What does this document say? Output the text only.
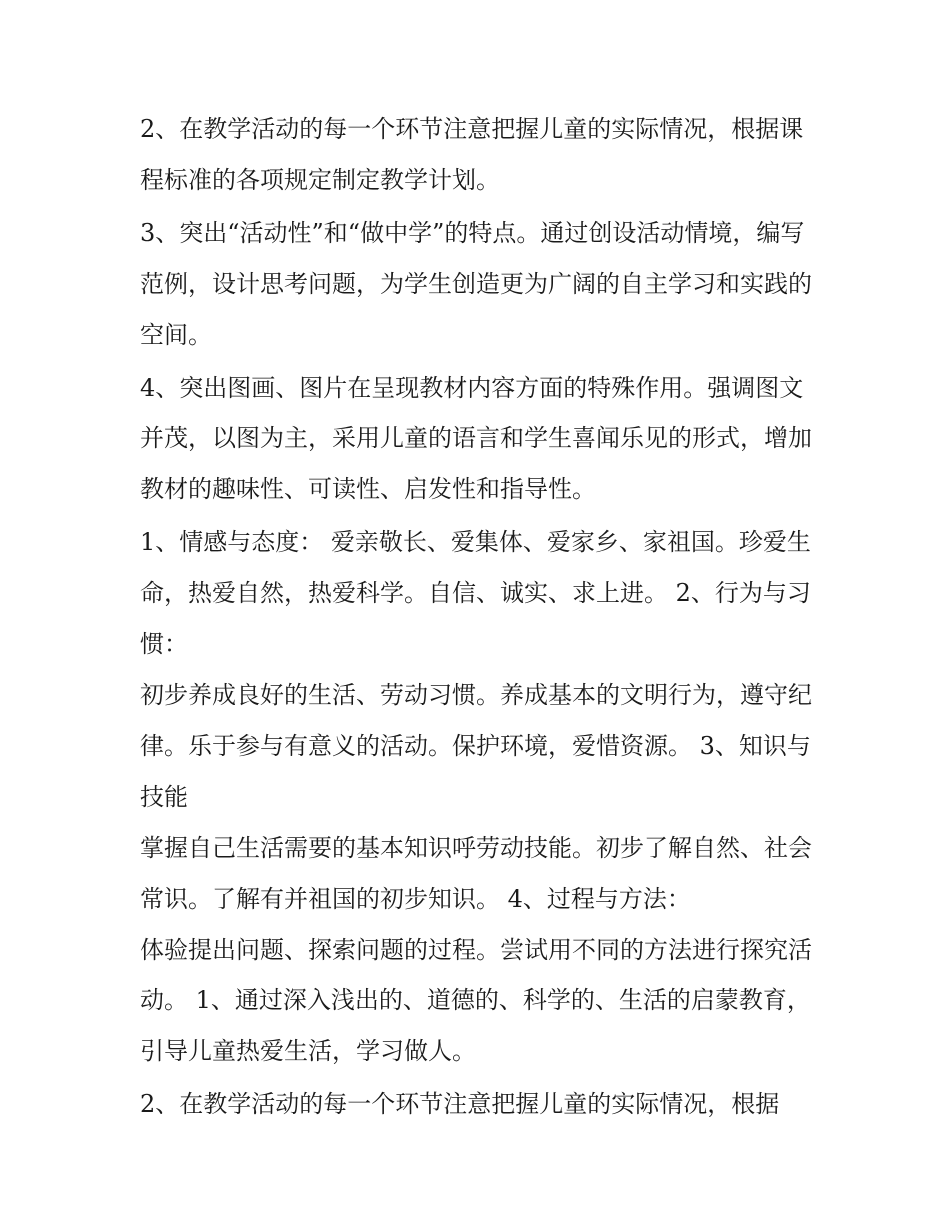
2、在教学活动的每一个环节注意把握儿童的实际情况，根据课程标准的各项规定制定教学计划。

3、突出“活动性”和“做中学”的特点。通过创设活动情境，编写范例，设计思考问题，为学生创造更为广阔的自主学习和实践的空间。

4、突出图画、图片在呈现教材内容方面的特殊作用。强调图文并茂，以图为主，采用儿童的语言和学生喜闻乐见的形式，增加教材的趣味性、可读性、启发性和指导性。

1、情感与态度： 爱亲敬长、爱集体、爱家乡、家祖国。珍爱生命，热爱自然，热爱科学。自信、诚实、求上进。 2、行为与习惯：

初步养成良好的生活、劳动习惯。养成基本的文明行为，遵守纪律。乐于参与有意义的活动。保护环境，爱惜资源。 3、知识与技能

掌握自己生活需要的基本知识呼劳动技能。初步了解自然、社会常识。了解有并祖国的初步知识。 4、过程与方法：

体验提出问题、探索问题的过程。尝试用不同的方法进行探究活动。 1、通过深入浅出的、道德的、科学的、生活的启蒙教育，引导儿童热爱生活，学习做人。

2、在教学活动的每一个环节注意把握儿童的实际情况，根据
